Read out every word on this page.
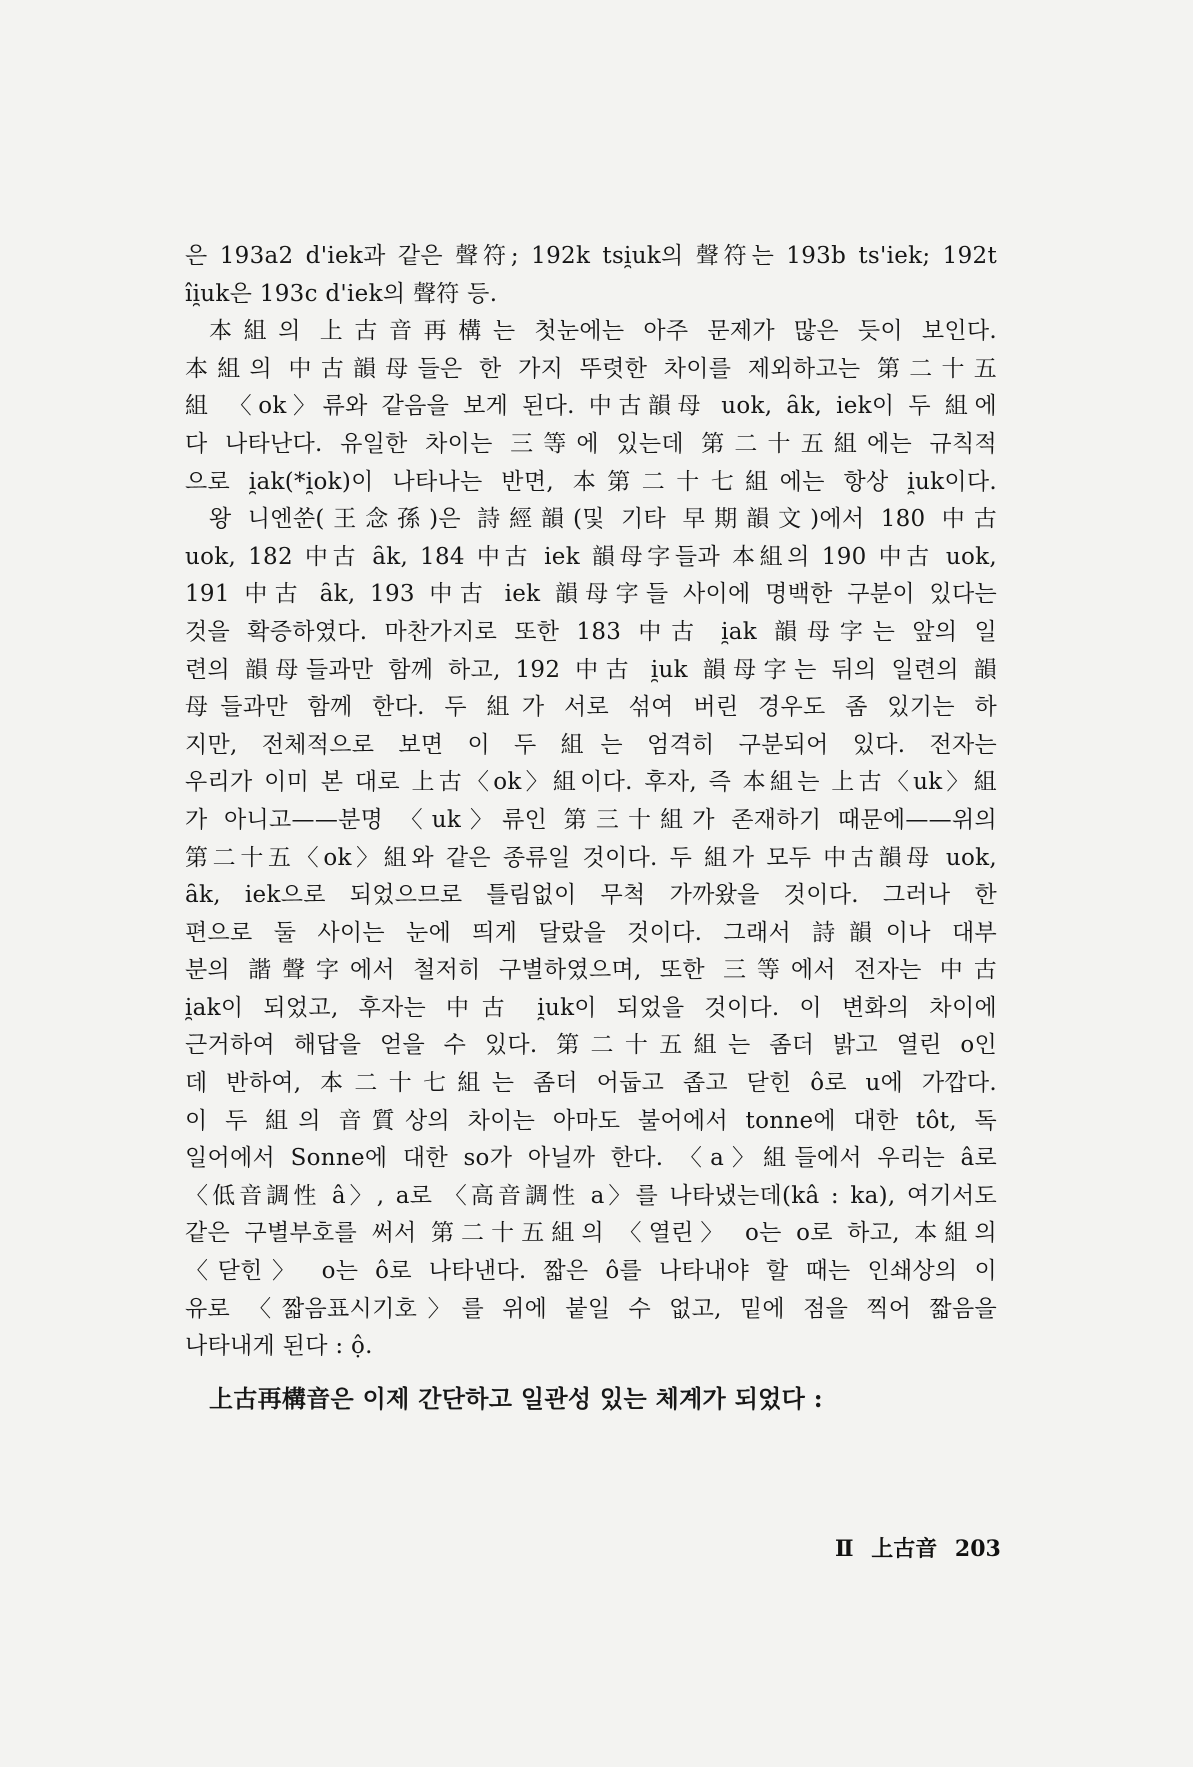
은 193a2 d'iek과 같은 聲符; 192k tsi̯uk의 聲符는 193b ts'iek; 192t
îi̯uk은 193c d'iek의 聲符 등.
本組의 上古音再構는 첫눈에는 아주 문제가 많은 듯이 보인다.
本組의 中古韻母들은 한 가지 뚜렷한 차이를 제외하고는 第二十五
組 〈ok〉류와 같음을 보게 된다. 中古韻母 uok, ȃk, iek이 두 組에
다 나타난다. 유일한 차이는 三等에 있는데 第二十五組에는 규칙적
으로 i̯ak(*i̯ok)이 나타나는 반면, 本第二十七組에는 항상 i̯uk이다.
왕 니엔쑨(王念孫)은 詩經韻(및 기타 早期韻文)에서 180 中古
uok, 182 中古 ȃk, 184 中古 iek 韻母字들과 本組의 190 中古 uok,
191 中古 ȃk, 193 中古 iek 韻母字들 사이에 명백한 구분이 있다는
것을 확증하였다. 마찬가지로 또한 183 中古 i̯ak 韻母字는 앞의 일
련의 韻母들과만 함께 하고, 192 中古 i̯uk 韻母字는 뒤의 일련의 韻
母들과만 함께 한다. 두 組가 서로 섞여 버린 경우도 좀 있기는 하
지만, 전체적으로 보면 이 두 組는 엄격히 구분되어 있다. 전자는
우리가 이미 본 대로 上古〈ok〉組이다. 후자, 즉 本組는 上古〈uk〉組
가 아니고——분명 〈uk〉류인 第三十組가 존재하기 때문에——위의
第二十五〈ok〉組와 같은 종류일 것이다. 두 組가 모두 中古韻母 uok,
ȃk, iek으로 되었으므로 틀림없이 무척 가까왔을 것이다. 그러나 한
편으로 둘 사이는 눈에 띄게 달랐을 것이다. 그래서 詩韻이나 대부
분의 諧聲字에서 철저히 구별하였으며, 또한 三等에서 전자는 中古
i̯ak이 되었고, 후자는 中古 i̯uk이 되었을 것이다. 이 변화의 차이에
근거하여 해답을 얻을 수 있다. 第二十五組는 좀더 밝고 열린 o인
데 반하여, 本二十七組는 좀더 어둡고 좁고 닫힌 ô로 u에 가깝다.
이 두 組의 音質상의 차이는 아마도 불어에서 tonne에 대한 tôt, 독
일어에서 Sonne에 대한 so가 아닐까 한다. 〈a〉組들에서 우리는 â로
〈低音調性 â〉, a로 〈高音調性 a〉를 나타냈는데(kâ : ka), 여기서도
같은 구별부호를 써서 第二十五組의 〈열린〉 o는 o로 하고, 本組의
〈닫힌〉 o는 ô로 나타낸다. 짧은 ô를 나타내야 할 때는 인쇄상의 이
유로 〈짧음표시기호〉를 위에 붙일 수 없고, 밑에 점을 찍어 짧음을
나타내게 된다 : ộ.
上古再構音은 이제 간단하고 일관성 있는 체계가 되었다 :
Ⅱ 上古音 203
